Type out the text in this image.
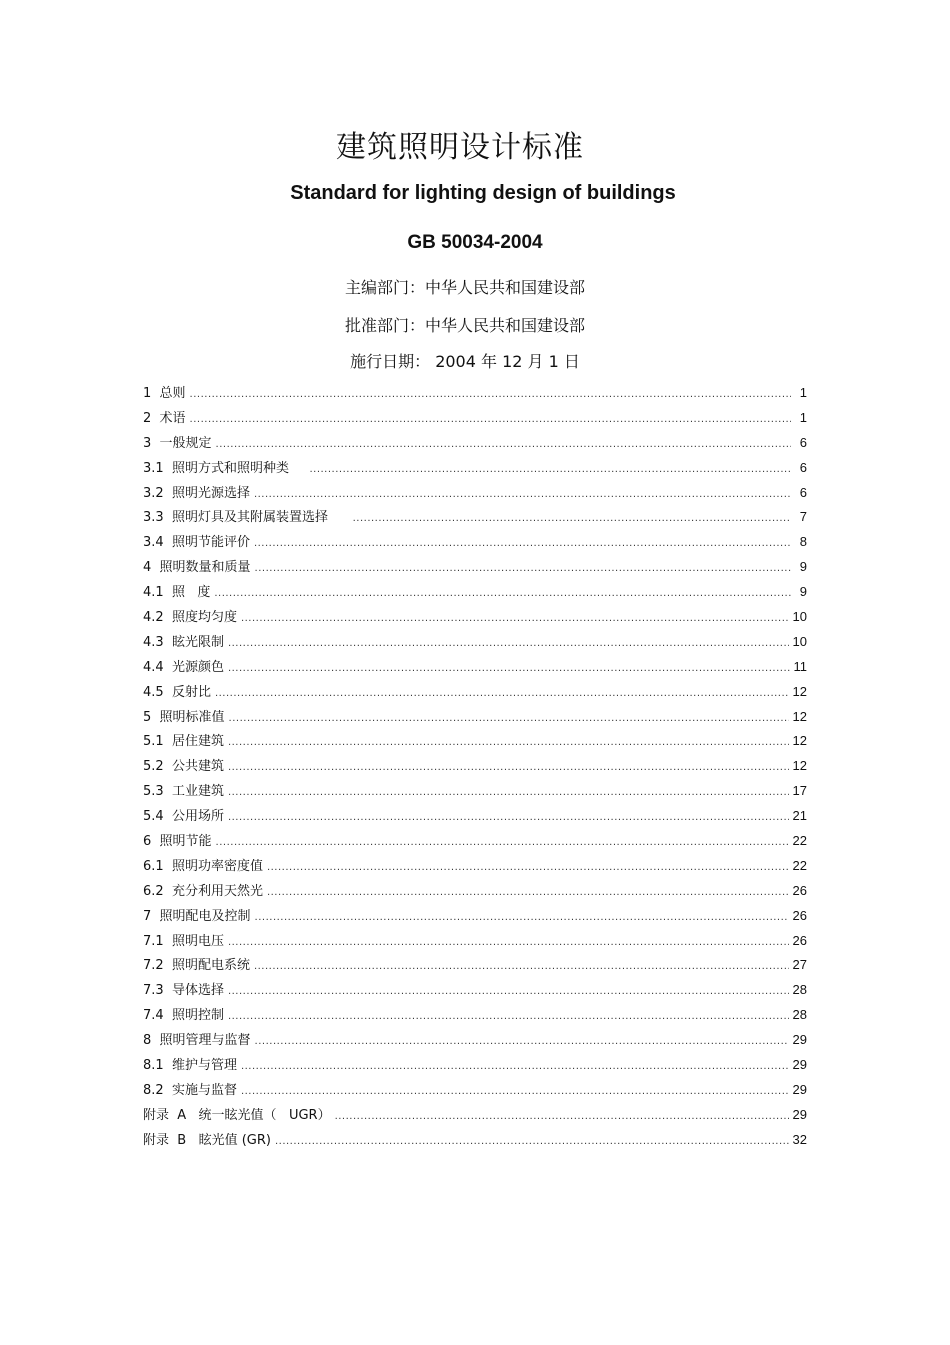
建筑照明设计标准
Standard for lighting design of buildings
GB 50034-2004
主编部门：中华人民共和国建设部
批准部门：中华人民共和国建设部
施行日期： 2004 年 12 月 1 日
1  总则 .....	1
2  术语 .....	1
3  一般规定 .....	6
3.1  照明方式和照明种类 .....	6
3.2  照明光源选择 .....	6
3.3  照明灯具及其附属装置选择 .....	7
3.4  照明节能评价 .....	8
4  照明数量和质量 .....	9
4.1  照   度 .....	9
4.2  照度均匀度 .....	10
4.3  眩光限制 .....	10
4.4  光源颜色 .....	11
4.5  反射比 .....	12
5  照明标准值 .....	12
5.1  居住建筑 .....	12
5.2  公共建筑 .....	12
5.3  工业建筑 .....	17
5.4  公用场所 .....	21
6  照明节能 .....	22
6.1  照明功率密度值 .....	22
6.2  充分利用天然光 .....	26
7  照明配电及控制 .....	26
7.1  照明电压 .....	26
7.2  照明配电系统 .....	27
7.3  导体选择 .....	28
7.4  照明控制 .....	28
8  照明管理与监督 .....	29
8.1  维护与管理 .....	29
8.2  实施与监督 .....	29
附录  A   统一眩光值（   UGR） .....	29
附录  B   眩光值 (GR) .....	32
